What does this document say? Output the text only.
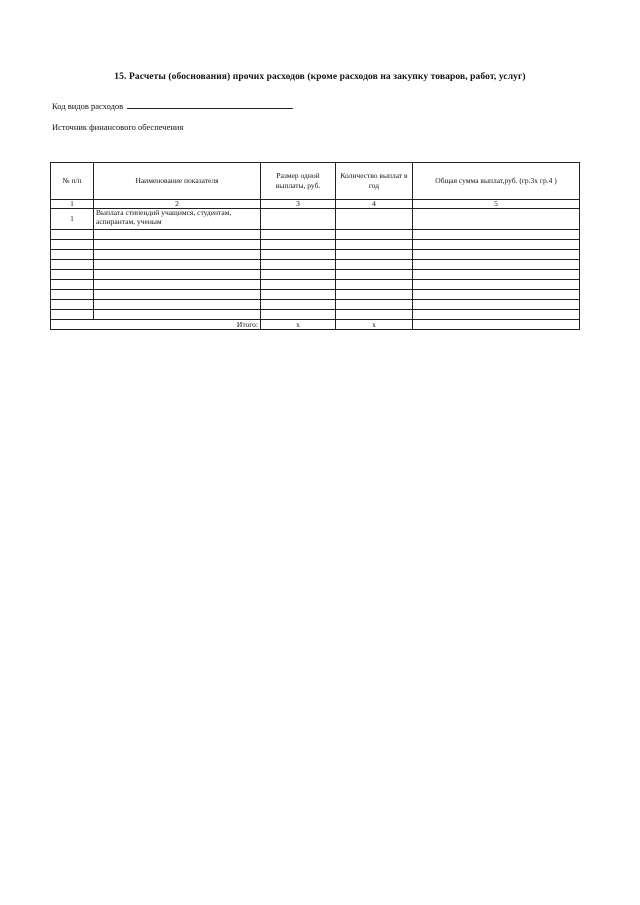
15. Расчеты (обоснования) прочих расходов (кроме расходов на закупку товаров, работ, услуг)
Код видов расходов
Источник финансового обеспечения
№ п/п	Наименование показателя	Размер одной выплаты, руб.	Количество выплат в год	Общая сумма выплат,руб. (гр.3х гр.4 )
1	2	3	4	5
1	Выплата стипендий учащимся, студентам, аспирантам, ученым			

Итого:		х	х	
